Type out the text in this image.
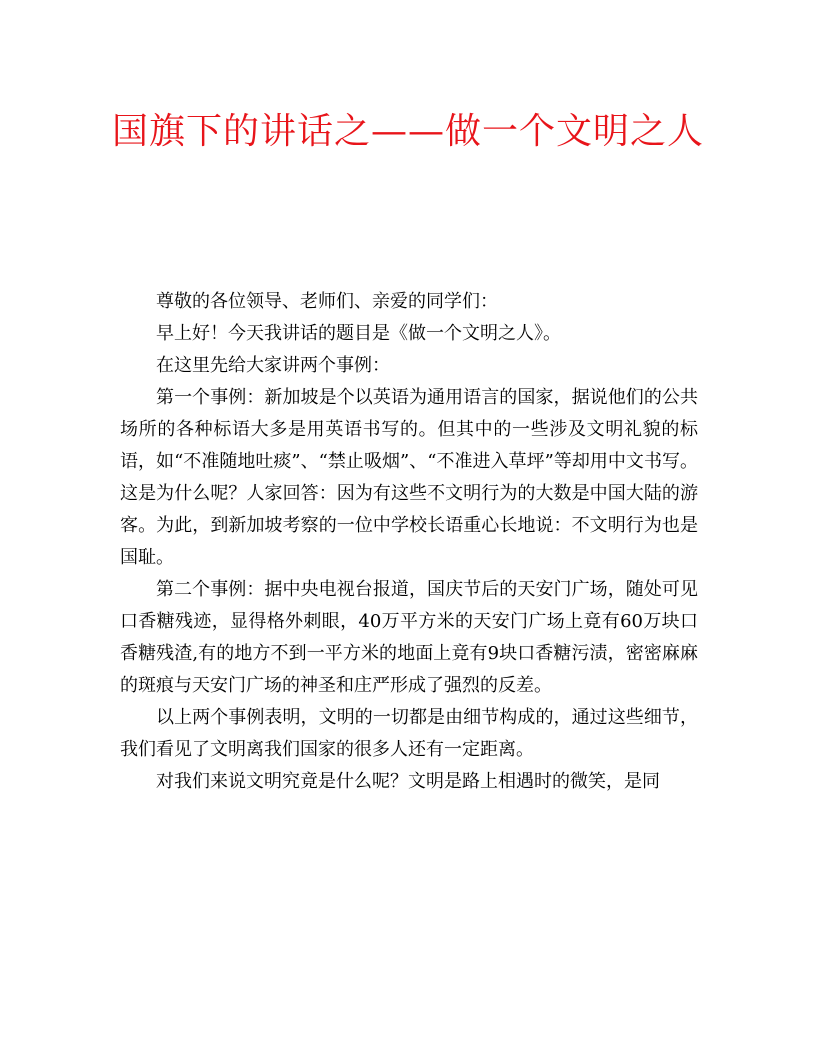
国旗下的讲话之——做一个文明之人

尊敬的各位领导、老师们、亲爱的同学们：

早上好！今天我讲话的题目是《做一个文明之人》。

在这里先给大家讲两个事例：

第一个事例：新加坡是个以英语为通用语言的国家，据说他们的公共场所的各种标语大多是用英语书写的。但其中的一些涉及文明礼貌的标语，如“不准随地吐痰”、“禁止吸烟”、“不准进入草坪”等却用中文书写。这是为什么呢？人家回答：因为有这些不文明行为的大数是中国大陆的游客。为此，到新加坡考察的一位中学校长语重心长地说：不文明行为也是国耻。

第二个事例：据中央电视台报道，国庆节后的天安门广场，随处可见口香糖残迹，显得格外刺眼，40万平方米的天安门广场上竟有60万块口香糖残渣,有的地方不到一平方米的地面上竟有9块口香糖污渍，密密麻麻的斑痕与天安门广场的神圣和庄严形成了强烈的反差。

以上两个事例表明，文明的一切都是由细节构成的，通过这些细节，我们看见了文明离我们国家的很多人还有一定距离。

对我们来说文明究竟是什么呢？文明是路上相遇时的微笑，是同
